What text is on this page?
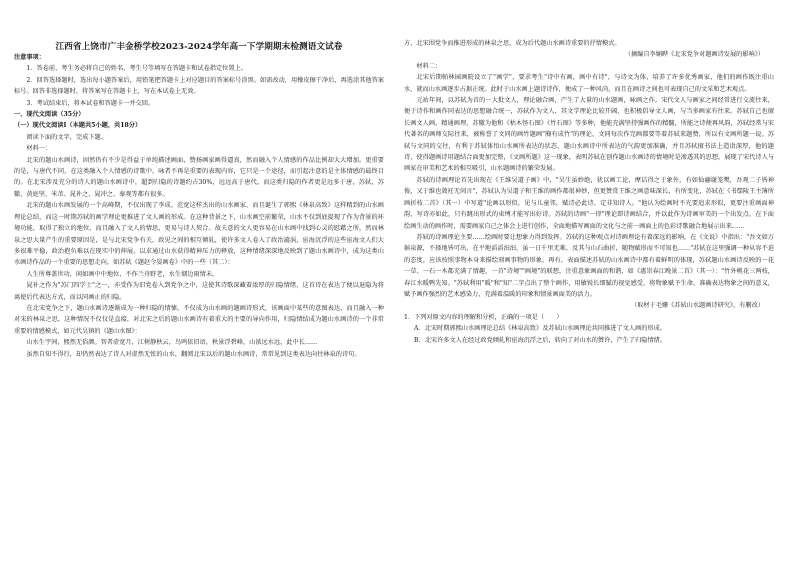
江西省上饶市广丰金桥学校2023-2024学年高一下学期期末检测语文试卷

注意事项：

1．答卷前，考生务必将自己的姓名、考生号等填写在答题卡和试卷指定位置上。

2．回答选择题时，选出每小题答案后，用铅笔把答题卡上对应题目的答案标号涂黑。如需改动，用橡皮擦干净后，再选涂其他答案标号。回答非选择题时，将答案写在答题卡上，写在本试卷上无效。

3．考试结束后，将本试卷和答题卡一并交回。

一、现代文阅读（35分）

（一）现代文阅读Ⅰ（本题共5小题，共18分）

阅读下面的文字，完成下题。

材料一：

北宋的题山水画诗，固然仍有不少是得益于单纯描述画面，赞扬画家画得逼真，然而融入个人情感的作品比例却大大增加。更重要的是，与唐代不同，在这类融入个人情感的诗歌中，咏者不再是重要的表现内容，它只是一个途径，而引起注意的是主体情感的最终目的。在北宋涉及充分的诗人的题山水画诗中，超到归隐的诗题约占30%，远远高于唐代。而这类归隐的作者更是远多于唐，苏轼、苏辙、黄庭坚、米芾、晁补之、晁冲之、秦观等都有很多。

北宋的题山水画发展的一个高峰期，不仅出现了李成、范宽这样杰出的山水画家，而且诞生了郭熙《林泉高致》这样精到的山水画理论总结，而这一时期苏轼的画学理论更推进了文人画的形成。在这种背景之下，山水画空前繁荣，山水不仅到底提现了作为背景的环境功能，取得了独立的地位，而且融入了文人的情思，更易与诗人契合。故夫意的文人更容易在山水画中找到心灵的慰藉之所，然而林泉之思大量产生的重要原因是，是与北宋党争有关，政见之间的相互倾轧，使许多文人卷入了政治漩涡，宦海沉浮的这些宦海文人们大多很难平稳，政治抱负难以在现实中的伸展，以求通过山水获得精神压力的释放，这种情绪深深地反映到了题山水画诗中，成为这类山水画诗作品的一个重要的思想走向。如苏轼《题赵令晏画卷》中的一些（其二）：

人生所尊盖世功，闲如画中中地位，不作兰舟野老，水生烟边雨情未。

晁补之作为"苏门四学士"之一，亦受作为旧党卷入到党争之中，这使其诗歌深藏着浓厚的归隐情绪，这首诗在表达了便以退隐为将离使后代表达方式，而以同画止的归隐。

在北宋党争之下，题山水画诗逐渐成为一种归隐的情愫，不仅成为山水画的题画诗形式，该画面中某些的意图表达，而且融入一种对宋的林泉之思，这种情况不仅仅是直接，对北宋之后的题山水画诗有着重大的主要的导向作用，归隐情结成为题山水画诗的一个非常重要的情感模式，如元代吴镇的《题山水图》：

山水生宇间，熙然无俗颜。智者虚宽月，江树静秋云，鸟鸣依旧语，秋景浮碧峰，山浓远水远，此中长……

虽然自知不得行，却仍然表达了诗人对虚然无怅的山水，翻阅北宋以后的题山水画诗，常常见到这类表达向往林泉的诗句。

方，北宋围党争而推进形成的林泉之思，成为后代题山水画诗重要的抒情模式。

（摘编自李娴晔《北宋党争对题画诗发展的影响》）

材料二：

北宋后期帕林园画院设立了"画学"，要求考生"诗中有画，画中有诗"，与诗文为体，培养了许多优秀画家，他们的画作既注重山水，就而山水画逐步占据正统。此时于山水画上题诗诗作，便成了一种风尚，而且在画诗之间也可表现自己的文采和艺术观点。

元祐年间，以苏轼为首的一大批文人，理论融合画，产生了大量的山水题画，咏画之作。宋代文人与画家之间经常进行交流往来，便于诗作和画作同表达的思想融合统一，苏轼作为文人，其文学理论比较开阔，也积极倡导文人画，与当多画家有往来。苏轼自己也擅长画文人画，精通画理，苏辙为他和《枯木怪石图》《竹石图》等多种，他能充满坚持强画作的精髓，所能之诗便再风韵，苏轼经常与宋代著名的画师交际往来，被称誉了文同的画竹题画"胸有成竹"的理论，文同每次作完画都要等着苏轼来题赞，所以有文画所题一说。苏轼与文同的交往，有利于苏轼体悟山水画所表达的状态，题山水画诗中所表达的气韵更加准确，并且苏轼擅书法上造诣深厚，他的题诗，使得题画诗用题结合面更加完整，《文画所题》这一现象，表明苏轼在创作题山水画诗的情境时是渗透其的思想，展现了宋代诗人与画家在审美和艺术的相互吸引，山水题画诗的繁荣发展。

苏轼的诗画理论首先出现在《王维吴道子画》中，"吴生虽妙绝，犹以画工论，摩诘得之于象外，有如仙翮谢笼樊，吾观二子皆神俊，又于维也敛衽无间言"，苏轼认为吴道子和王维的画作都很神妙，但更赞赏王维之画意味深长，有所变化，苏轼在《书鄢陵王主簿所画折枝二首》（其一）中写道"论画以形似，见与儿童邻，赋诗必此诗，定非知诗人。"他认为绘画时不光要追求形似，更要注重画面神韵，写诗亦如此，只有跳出形式的束缚才能写出好诗。苏轼的诗画"一律"理论即诗画结合，并以此作为诗画审美的一个出发点。在下面绘画生动的画作时，需要画家自己之体会上进行创作，全面地描写画面的文化与之前一画面上的色彩诗歌融合地展示出来……

苏轼的诗画理论主要……绘画时要让想象力得到发挥。苏轼的这种观点对诗画理论有着深远的影响，在《文说》中指出："吾文如万斛泉源，不择地皆可出，在平地滔滔汩汩，虽一日千里无难，及其与山石曲折，随物赋形而不可知也……"苏轼在这里强调一种从容不迫的态度，应该按照事物本身来描绘刻画事物的形象，再有，表面描述苏轼的山水画诗中都有着鲜明的体现，苏轼题山水画诗反映的一花一草、一石一木都充满了情趣，一首"诗境""画境"的联想，注重意象画面的和谐，如《惠崇春江晚景二首》（其一）："竹外桃花三两枝，春江水暖鸭先知。"苏轼利用"暖"和"知"二字点出了整个画作，用敏锐长细腻的视觉感受，将物象赋予生命，准确表达物象之间的意义，赋予画作强烈的艺术感染力，充满着温暖的印象和情景画面美的活力。

（取材于毛姗《苏轼山水题画诗研究》，有删改）

1．下列对原文内容的理解和分析，正确的一项是（　　）

A．北宋时期郭熙山水画理论总结《林泉高致》及苏轼山水画理论共同推进了文人画的形成。

B．北宋许多文人在经过政党倾轧和宦海沉浮之后，转向了对山水的赞许，产生了归隐情绪。
